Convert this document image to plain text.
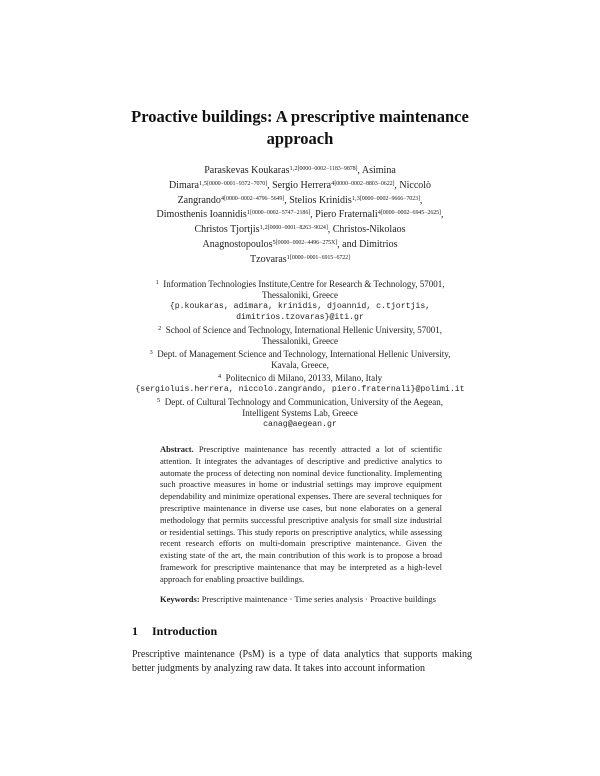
Proactive buildings: A prescriptive maintenance
approach
Paraskevas Koukaras$^{1,2[0000-0002-1183-9878]}$, Asimina Dimara$^{1,5[0000-0001-9372-7070]}$, Sergio Herrera$^{4[0000-0002-8803-0622]}$, Niccolò Zangrando$^{4[0000-0002-4796-5649]}$, Stelios Krinidis$^{1,3[0000-0002-9666-7023]}$, Dimosthenis Ioannidis$^{1[0000-0002-5747-2186]}$, Piero Fraternali$^{4[0000-0002-6945-2625]}$, Christos Tjortjis$^{1,2[0000-0001-8263-9024]}$, Christos-Nikolaos Anagnostopoulos$^{5[0000-0002-4496-275X]}$, and Dimitrios Tzovaras$^{1[0000-0001-6915-6722]}$
$^1$  Information Technologies Institute,Centre for Research & Technology, 57001,
Thessaloniki, Greece
{p.koukaras, adimara, krinidis, djoannid, c.tjortjis,
dimitrios.tzovaras}@iti.gr
$^2$  School of Science and Technology, International Hellenic University, 57001,
Thessaloniki, Greece
$^3$  Dept. of Management Science and Technology, International Hellenic University,
Kavala, Greece,
$^4$  Politecnico di Milano, 20133, Milano, Italy
{sergioluis.herrera, niccolo.zangrando, piero.fraternali}@polimi.it
$^5$  Dept. of Cultural Technology and Communication, University of the Aegean,
Intelligent Systems Lab, Greece
canag@aegean.gr
Abstract. Prescriptive maintenance has recently attracted a lot of scientific attention. It integrates the advantages of descriptive and predictive analytics to automate the process of detecting non nominal device functionality. Implementing such proactive measures in home or industrial settings may improve equipment dependability and minimize operational expenses. There are several techniques for prescriptive maintenance in diverse use cases, but none elaborates on a general methodology that permits successful prescriptive analysis for small size industrial or residential settings. This study reports on prescriptive analytics, while assessing recent research efforts on multi-domain prescriptive maintenance. Given the existing state of the art, the main contribution of this work is to propose a broad framework for prescriptive maintenance that may be interpreted as a high-level approach for enabling proactive buildings.
Keywords: Prescriptive maintenance · Time series analysis · Proactive buildings
1 Introduction
Prescriptive maintenance (PsM) is a type of data analytics that supports making better judgments by analyzing raw data. It takes into account information
